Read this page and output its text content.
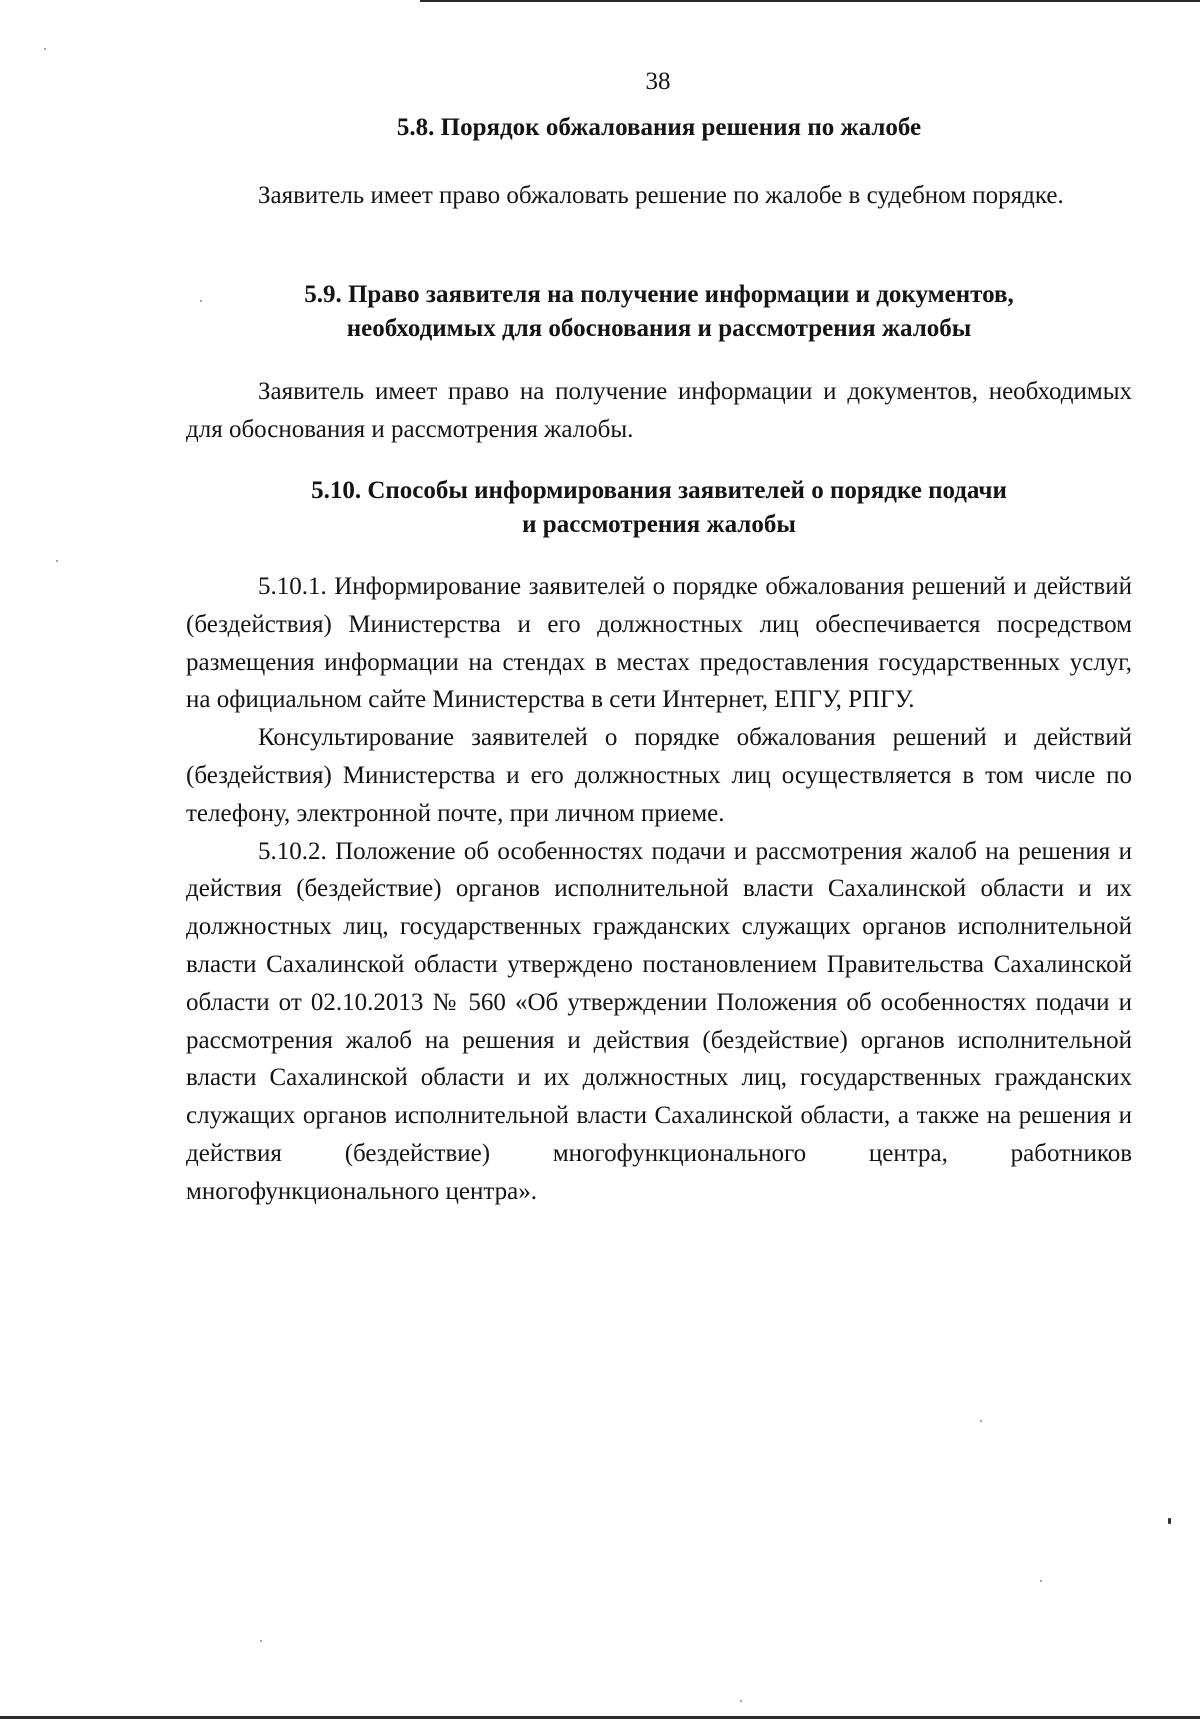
38
5.8. Порядок обжалования решения по жалобе

Заявитель имеет право обжаловать решение по жалобе в судебном порядке.

5.9. Право заявителя на получение информации и документов,
необходимых для обоснования и рассмотрения жалобы

Заявитель имеет право на получение информации и документов, необходимых для обоснования и рассмотрения жалобы.

5.10. Способы информирования заявителей о порядке подачи
и рассмотрения жалобы

5.10.1. Информирование заявителей о порядке обжалования решений и действий (бездействия) Министерства и его должностных лиц обеспечивается посредством размещения информации на стендах в местах предоставления государственных услуг, на официальном сайте Министерства в сети Интернет, ЕПГУ, РПГУ.

Консультирование заявителей о порядке обжалования решений и действий (бездействия) Министерства и его должностных лиц осуществляется в том числе по телефону, электронной почте, при личном приеме.

5.10.2. Положение об особенностях подачи и рассмотрения жалоб на решения и действия (бездействие) органов исполнительной власти Сахалинской области и их должностных лиц, государственных гражданских служащих органов исполнительной власти Сахалинской области утверждено постановлением Правительства Сахалинской области от 02.10.2013 № 560 «Об утверждении Положения об особенностях подачи и рассмотрения жалоб на решения и действия (бездействие) органов исполнительной власти Сахалинской области и их должностных лиц, государственных гражданских служащих органов исполнительной власти Сахалинской области, а также на решения и действия (бездействие) многофункционального центра, работников многофункционального центра».
